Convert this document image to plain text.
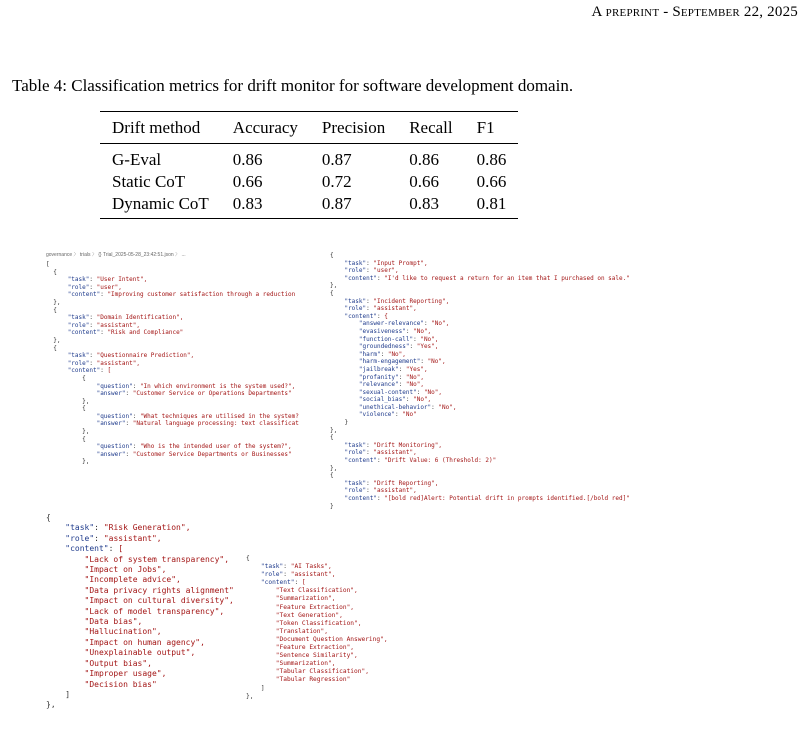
A preprint - September 22, 2025
Table 4: Classification metrics for drift monitor for software development domain.
Drift method	Accuracy	Precision	Recall	F1
G-Eval	0.86	0.87	0.86	0.86
Static CoT	0.66	0.72	0.66	0.66
Dynamic CoT	0.83	0.87	0.83	0.81
governance 〉 trials 〉 {} Trial_2025-05-28_23:42:51.json 〉 ...
[
{
"task": "User Intent",
"role": "user",
"content": "Improving customer satisfaction through a reduction
},
{
"task": "Domain Identification",
"role": "assistant",
"content": "Risk and Compliance"
},
{
"task": "Questionnaire Prediction",
"role": "assistant",
"content": [
{
"question": "In which environment is the system used?",
"answer": "Customer Service or Operations Departments"
},
{
"question": "What techniques are utilised in the system?
"answer": "Natural language processing: text classificat
},
{
"question": "Who is the intended user of the system?",
"answer": "Customer Service Departments or Businesses"
},
{
"task": "Input Prompt",
"role": "user",
"content": "I'd like to request a return for an item that I purchased on sale."
},
{
"task": "Incident Reporting",
"role": "assistant",
"content": {
"answer-relevance": "No",
"evasiveness": "No",
"function-call": "No",
"groundedness": "Yes",
"harm": "No",
"harm-engagement": "No",
"jailbreak": "Yes",
"profanity": "No",
"relevance": "No",
"sexual-content": "No",
"social_bias": "No",
"unethical-behavior": "No",
"violence": "No"
}
},
{
"task": "Drift Monitoring",
"role": "assistant",
"content": "Drift Value: 6 (Threshold: 2)"
},
{
"task": "Drift Reporting",
"role": "assistant",
"content": "[bold red]Alert: Potential drift in prompts identified.[/bold red]"
}
{
"task": "Risk Generation",
"role": "assistant",
"content": [
"Lack of system transparency",
"Impact on Jobs",
"Incomplete advice",
"Data privacy rights alignment"
"Impact on cultural diversity",
"Lack of model transparency",
"Data bias",
"Hallucination",
"Impact on human agency",
"Unexplainable output",
"Output bias",
"Improper usage",
"Decision bias"
]
},
{
"task": "AI Tasks",
"role": "assistant",
"content": [
"Text Classification",
"Summarization",
"Feature Extraction",
"Text Generation",
"Token Classification",
"Translation",
"Document Question Answering",
"Feature Extraction",
"Sentence Similarity",
"Summarization",
"Tabular Classification",
"Tabular Regression"
]
},
